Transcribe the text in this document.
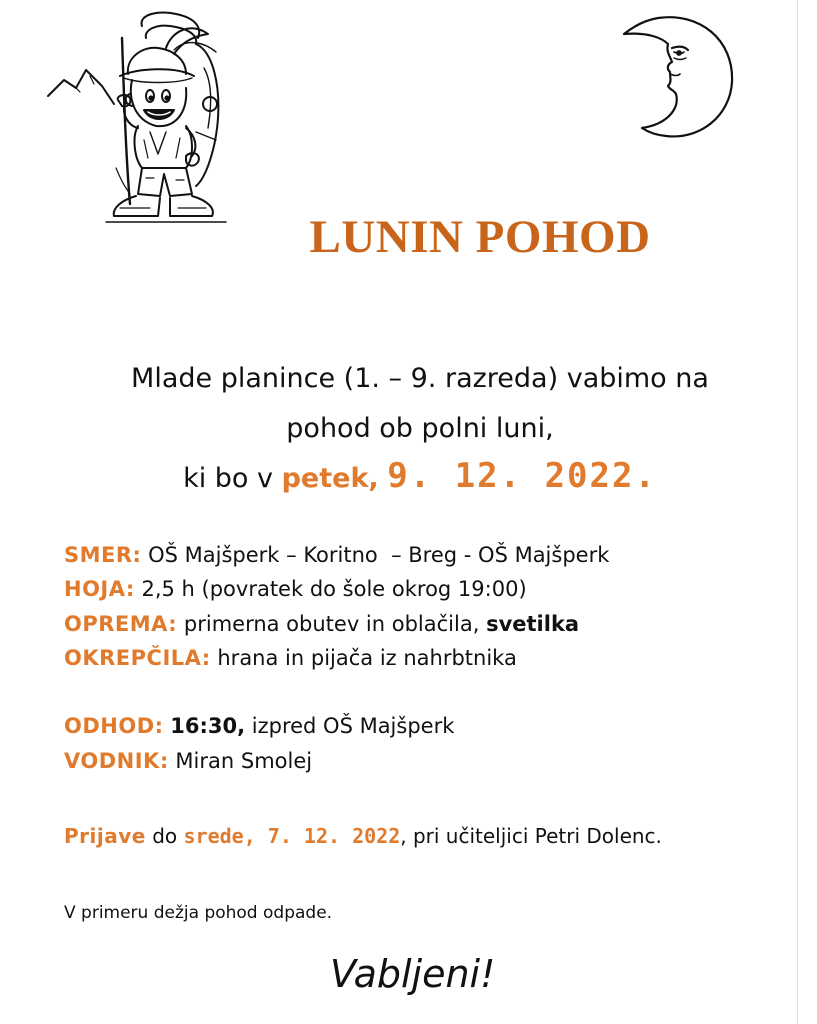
LUNIN POHOD
Mlade planince (1. – 9. razreda) vabimo na
pohod ob polni luni,
ki bo v petek, 9. 12. 2022.
SMER: OŠ Majšperk – Koritno  – Breg - OŠ Majšperk
HOJA: 2,5 h (povratek do šole okrog 19:00)
OPREMA: primerna obutev in oblačila, svetilka
OKREPČILA: hrana in pijača iz nahrbtnika
ODHOD: 16:30, izpred OŠ Majšperk
VODNIK: Miran Smolej
Prijave do srede, 7. 12. 2022, pri učiteljici Petri Dolenc.
V primeru dežja pohod odpade.
Vabljeni!
